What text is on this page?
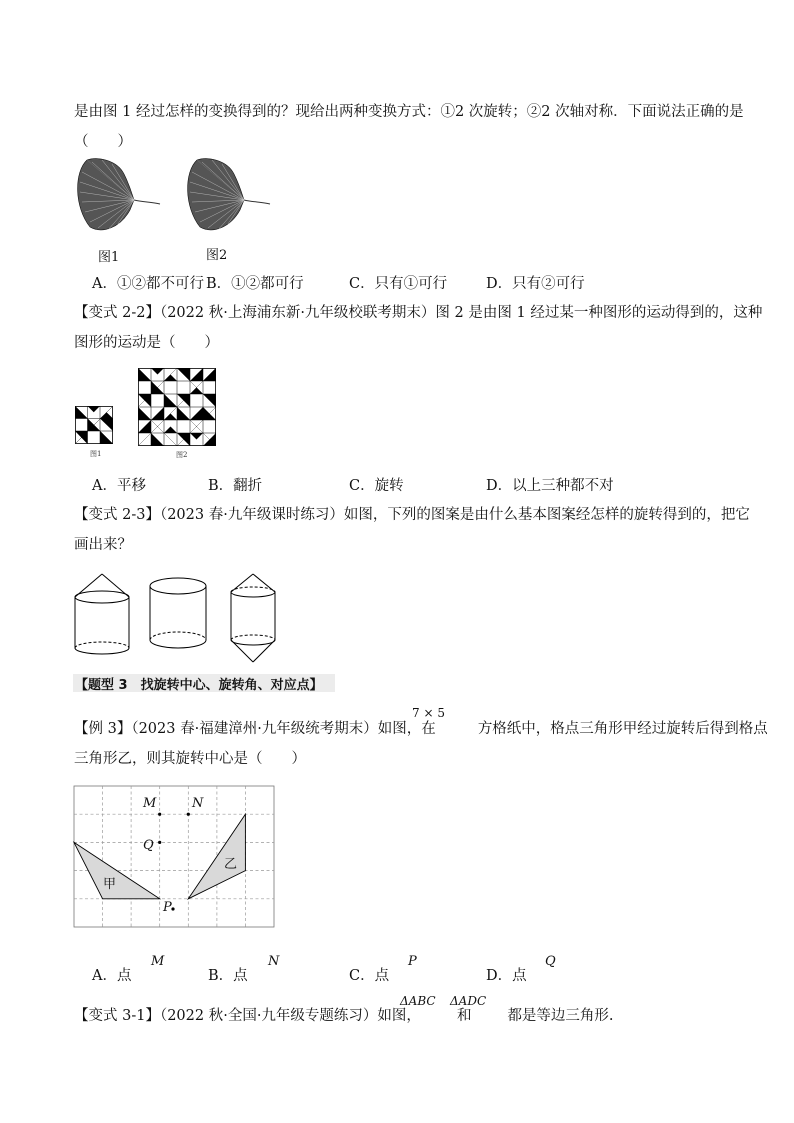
是由图 1 经过怎样的变换得到的？现给出两种变换方式：①2 次旋转；②2 次轴对称．下面说法正确的是
（　　）
图1	图2
A．①②都不可行 B．①②都可行	C．只有①可行	D．只有②可行
【变式 2-2】（2022 秋·上海浦东新·九年级校联考期末）图 2 是由图 1 经过某一种图形的运动得到的，这种
图形的运动是（　　）
图1	图2
A．平移	B．翻折	C．旋转	D．以上三种都不对
【变式 2-3】（2023 春·九年级课时练习）如图，下列的图案是由什么基本图案经怎样的旋转得到的，把它
画出来？
【题型 3　找旋转中心、旋转角、对应点】
【例 3】（2023 春·福建漳州·九年级统考期末）如图，在	方格纸中，格点三角形甲经过旋转后得到格点
7 × 5
三角形乙，则其旋转中心是（　　）
M	N
Q
P
甲
乙
A．点
M
B．点
N
C．点
P
D．点
Q
【变式 3-1】（2022 秋·全国·九年级专题练习）如图， 和 都是等边三角形.
ΔABC ΔADC
